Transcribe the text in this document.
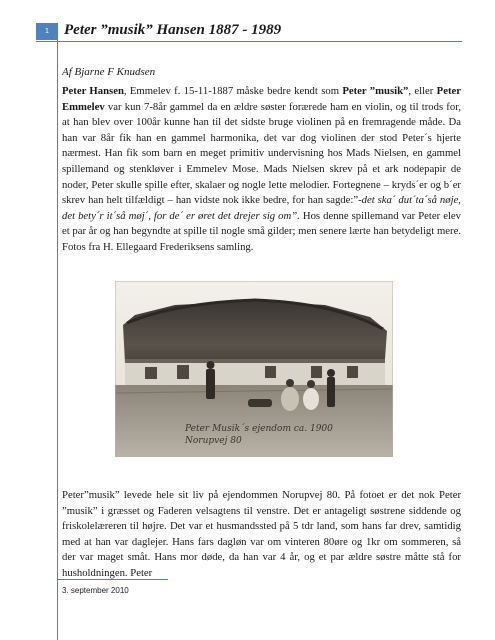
1	Peter ”musik” Hansen 1887 - 1989
Af Bjarne F Knudsen

Peter Hansen, Emmelev f. 15-11-1887 måske bedre kendt som Peter ”musik”, eller Peter Emmelev var kun 7-8år gammel da en ældre søster forærede ham en violin, og til trods for, at han blev over 100år kunne han til det sidste bruge violinen på en fremragende måde. Da han var 8år fik han en gammel harmonika, det var dog violinen der stod Peter´s hjerte nærmest. Han fik som barn en meget primitiv undervisning hos Mads Nielsen, en gammel spillemand og stenkløver i Emmelev Mose. Mads Nielsen skrev på et ark nodepapir de noder, Peter skulle spille efter, skalaer og nogle lette melodier. Fortegnene – kryds´er og b´er skrev han helt tilfældigt – han vidste nok ikke bedre, for han sagde:”-det ska´ dut´ta´så nøje, det bety´r it´så møj´, for de´ er øret det drejer sig om”. Hos denne spillemand var Peter elev et par år og han begyndte at spille til nogle små gilder; men senere lærte han betydeligt mere. Fotos fra H. Ellegaard Frederiksens samling.

Peter Musik´s ejendom ca. 1900
Norupvej 80

Peter”musik” levede hele sit liv på ejendommen Norupvej 80. På fotoet er det nok Peter ”musik” i græsset og Faderen velsagtens til venstre. Det er antageligt søstrene siddende og friskolelæreren til højre. Det var et husmandssted på 5 tdr land, som hans far drev, samtidig med at han var daglejer. Hans fars dagløn var om vinteren 80øre og 1kr om sommeren, så der var maget småt. Hans mor døde, da han var 4 år, og et par ældre søstre måtte stå for husholdningen. Peter

3. september 2010
